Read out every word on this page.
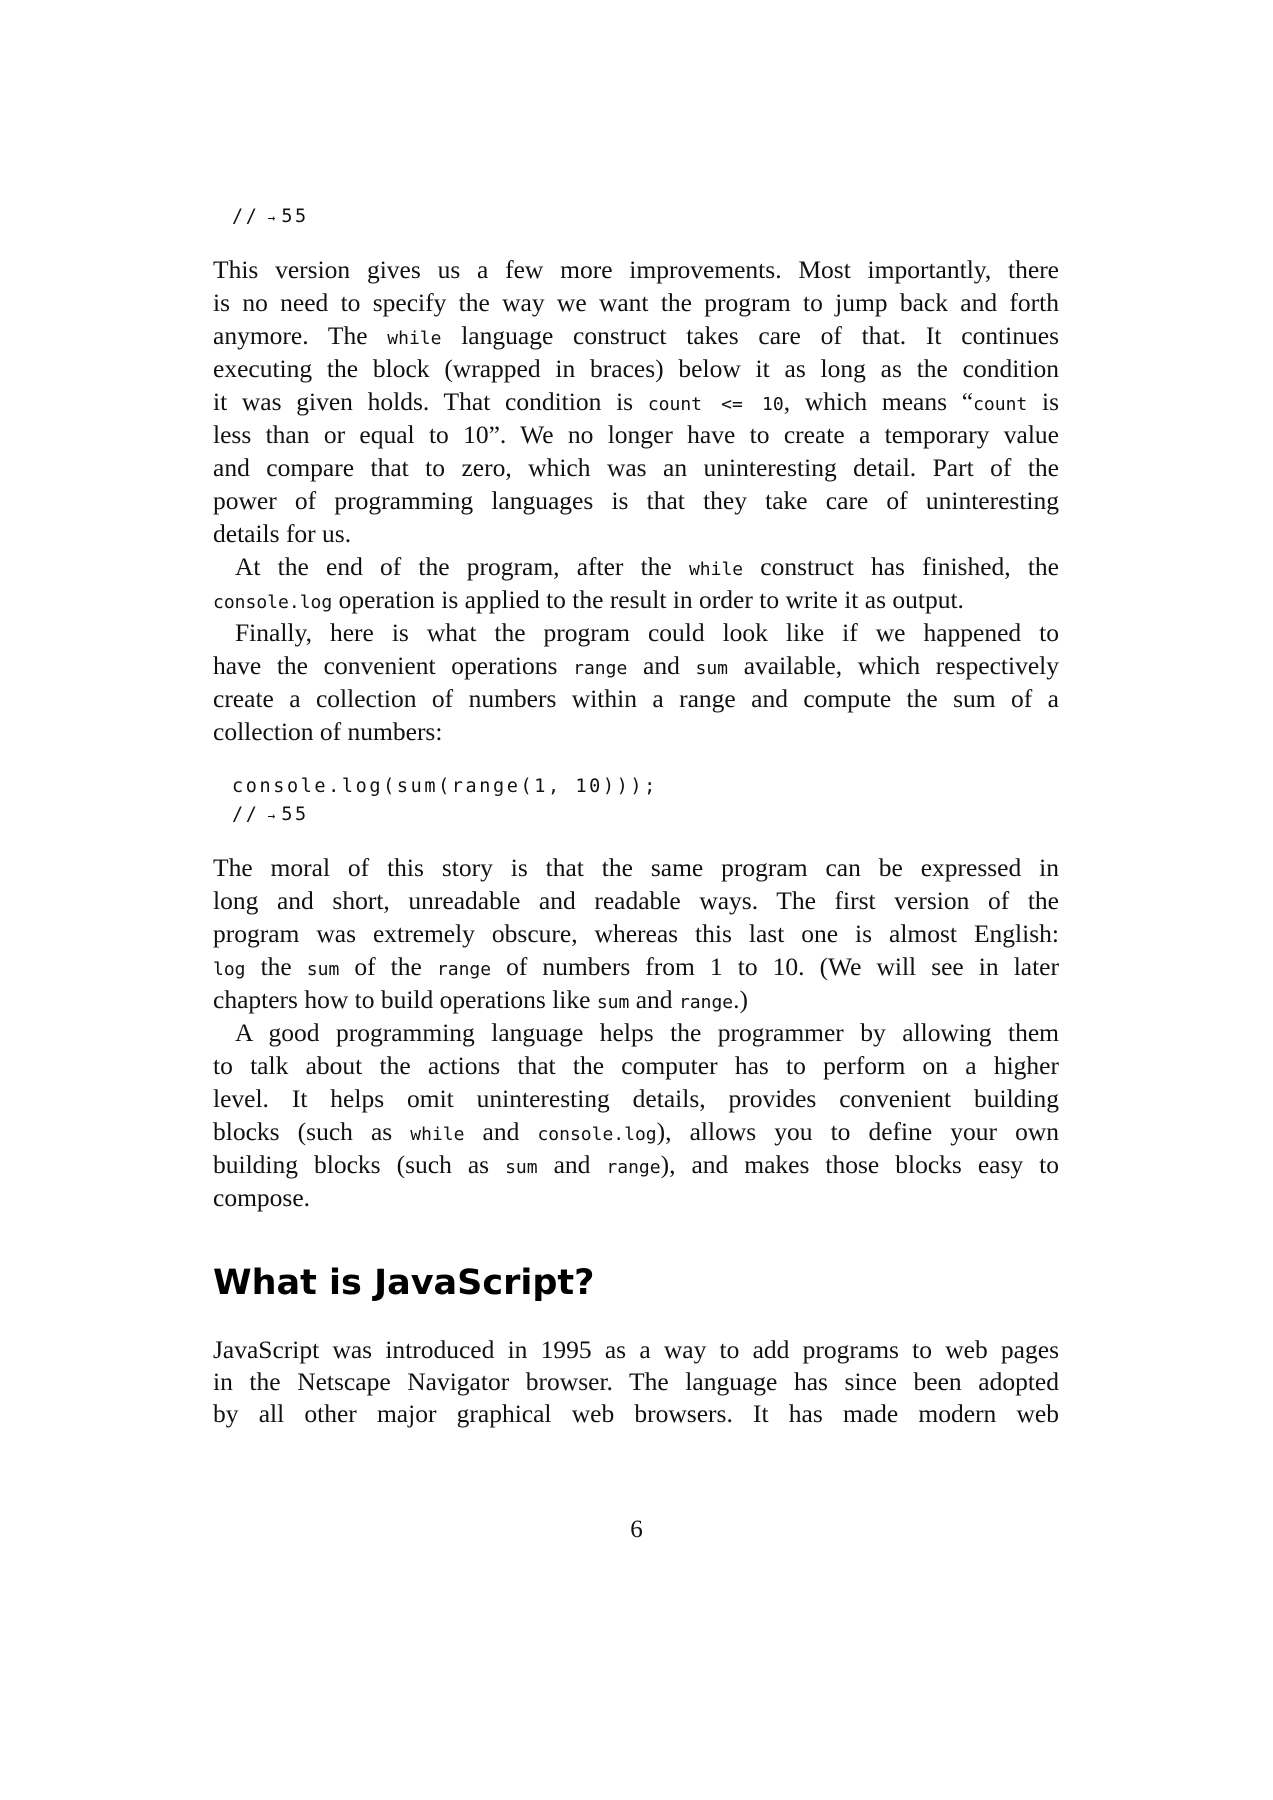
// → 55
This version gives us a few more improvements. Most importantly, there
is no need to specify the way we want the program to jump back and forth
anymore. The while language construct takes care of that. It continues
executing the block (wrapped in braces) below it as long as the condition
it was given holds. That condition is count <= 10, which means “count is
less than or equal to 10”. We no longer have to create a temporary value
and compare that to zero, which was an uninteresting detail. Part of the
power of programming languages is that they take care of uninteresting
details for us.
At the end of the program, after the while construct has finished, the
console.log operation is applied to the result in order to write it as output.
Finally, here is what the program could look like if we happened to
have the convenient operations range and sum available, which respectively
create a collection of numbers within a range and compute the sum of a
collection of numbers:
console.log(sum(range(1, 10)));
// → 55
The moral of this story is that the same program can be expressed in
long and short, unreadable and readable ways. The first version of the
program was extremely obscure, whereas this last one is almost English:
log the sum of the range of numbers from 1 to 10. (We will see in later
chapters how to build operations like sum and range.)
A good programming language helps the programmer by allowing them
to talk about the actions that the computer has to perform on a higher
level. It helps omit uninteresting details, provides convenient building
blocks (such as while and console.log), allows you to define your own
building blocks (such as sum and range), and makes those blocks easy to
compose.
What is JavaScript?
JavaScript was introduced in 1995 as a way to add programs to web pages
in the Netscape Navigator browser. The language has since been adopted
by all other major graphical web browsers. It has made modern web
6
